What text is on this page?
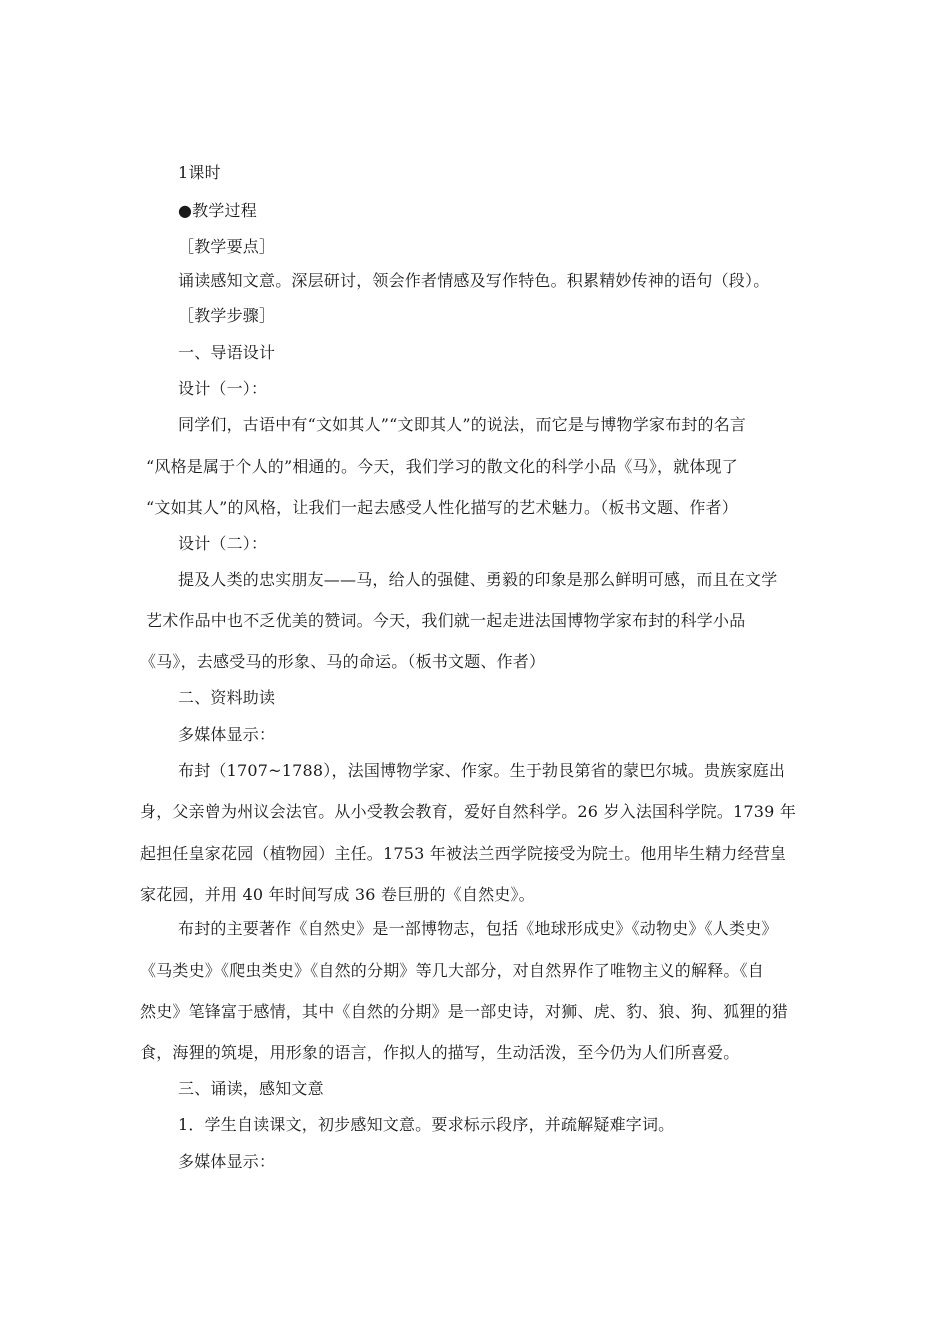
1课时
●教学过程
［教学要点］
诵读感知文意。深层研讨，领会作者情感及写作特色。积累精妙传神的语句（段）。
［教学步骤］
一、导语设计
设计（一）：
同学们，古语中有“文如其人”“文即其人”的说法，而它是与博物学家布封的名言
“风格是属于个人的”相通的。今天，我们学习的散文化的科学小品《马》，就体现了
“文如其人”的风格，让我们一起去感受人性化描写的艺术魅力。（板书文题、作者）
设计（二）：
提及人类的忠实朋友——马，给人的强健、勇毅的印象是那么鲜明可感，而且在文学
艺术作品中也不乏优美的赞词。今天，我们就一起走进法国博物学家布封的科学小品
《马》，去感受马的形象、马的命运。（板书文题、作者）
二、资料助读
多媒体显示：
布封（1707~1788），法国博物学家、作家。生于勃艮第省的蒙巴尔城。贵族家庭出
身，父亲曾为州议会法官。从小受教会教育，爱好自然科学。26 岁入法国科学院。1739 年
起担任皇家花园（植物园）主任。1753 年被法兰西学院接受为院士。他用毕生精力经营皇
家花园，并用 40 年时间写成 36 卷巨册的《自然史》。
布封的主要著作《自然史》是一部博物志，包括《地球形成史》《动物史》《人类史》
《马类史》《爬虫类史》《自然的分期》等几大部分，对自然界作了唯物主义的解释。《自
然史》笔锋富于感情，其中《自然的分期》是一部史诗，对狮、虎、豹、狼、狗、狐狸的猎
食，海狸的筑堤，用形象的语言，作拟人的描写，生动活泼，至今仍为人们所喜爱。
三、诵读，感知文意
1．学生自读课文，初步感知文意。要求标示段序，并疏解疑难字词。
多媒体显示：
